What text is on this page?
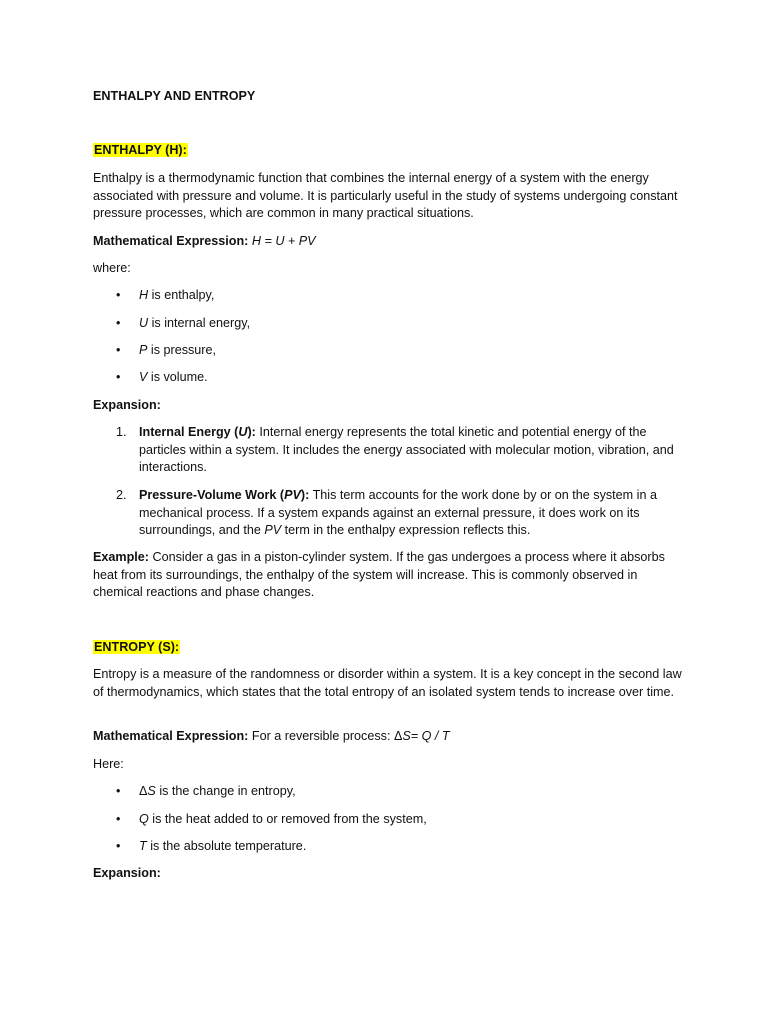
ENTHALPY AND ENTROPY

ENTHALPY (H):

Enthalpy is a thermodynamic function that combines the internal energy of a system with the energy associated with pressure and volume. It is particularly useful in the study of systems undergoing constant pressure processes, which are common in many practical situations.

Mathematical Expression: H = U + PV

where:

• H is enthalpy,
• U is internal energy,
• P is pressure,
• V is volume.

Expansion:

1. Internal Energy (U): Internal energy represents the total kinetic and potential energy of the particles within a system. It includes the energy associated with molecular motion, vibration, and interactions.

2. Pressure-Volume Work (PV): This term accounts for the work done by or on the system in a mechanical process. If a system expands against an external pressure, it does work on its surroundings, and the PV term in the enthalpy expression reflects this.

Example: Consider a gas in a piston-cylinder system. If the gas undergoes a process where it absorbs heat from its surroundings, the enthalpy of the system will increase. This is commonly observed in chemical reactions and phase changes.

ENTROPY (S):

Entropy is a measure of the randomness or disorder within a system. It is a key concept in the second law of thermodynamics, which states that the total entropy of an isolated system tends to increase over time.

Mathematical Expression: For a reversible process: ΔS= Q / T

Here:

• ΔS is the change in entropy,
• Q is the heat added to or removed from the system,
• T is the absolute temperature.

Expansion:
